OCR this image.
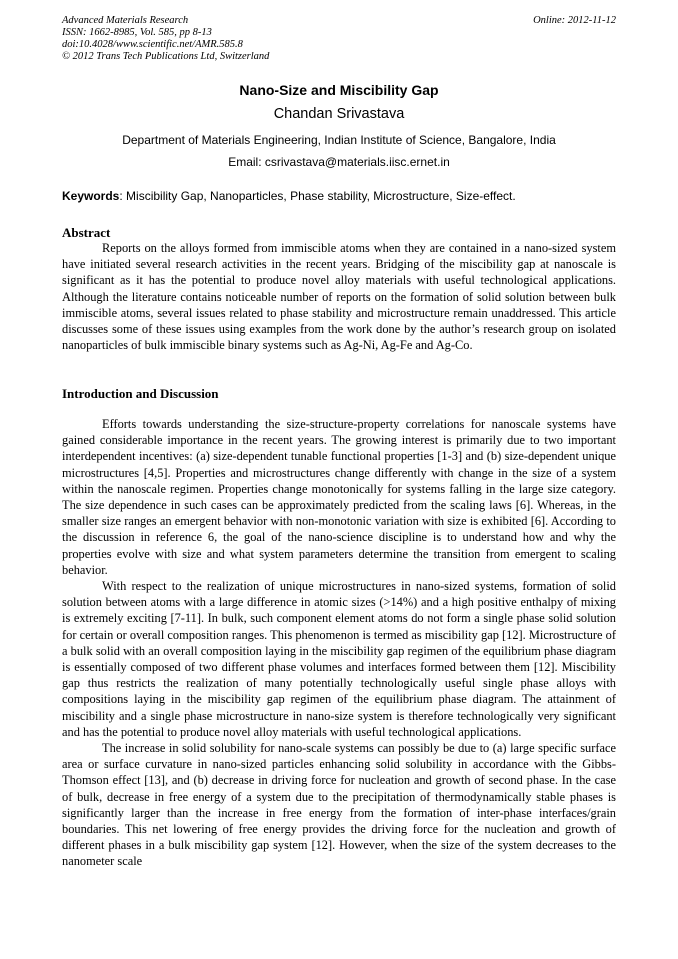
Advanced Materials Research
ISSN: 1662-8985, Vol. 585, pp 8-13
doi:10.4028/www.scientific.net/AMR.585.8
© 2012 Trans Tech Publications Ltd, Switzerland
Online: 2012-11-12
Nano-Size and Miscibility Gap
Chandan Srivastava
Department of Materials Engineering, Indian Institute of Science, Bangalore, India
Email: csrivastava@materials.iisc.ernet.in
Keywords: Miscibility Gap, Nanoparticles, Phase stability, Microstructure, Size-effect.
Abstract

Reports on the alloys formed from immiscible atoms when they are contained in a nano-sized system have initiated several research activities in the recent years. Bridging of the miscibility gap at nanoscale is significant as it has the potential to produce novel alloy materials with useful technological applications. Although the literature contains noticeable number of reports on the formation of solid solution between bulk immiscible atoms, several issues related to phase stability and microstructure remain unaddressed. This article discusses some of these issues using examples from the work done by the author’s research group on isolated nanoparticles of bulk immiscible binary systems such as Ag-Ni, Ag-Fe and Ag-Co.

Introduction and Discussion

Efforts towards understanding the size-structure-property correlations for nanoscale systems have gained considerable importance in the recent years. The growing interest is primarily due to two important interdependent incentives: (a) size-dependent tunable functional properties [1-3] and (b) size-dependent unique microstructures [4,5]. Properties and microstructures change differently with change in the size of a system within the nanoscale regimen. Properties change monotonically for systems falling in the large size category. The size dependence in such cases can be approximately predicted from the scaling laws [6]. Whereas, in the smaller size ranges an emergent behavior with non-monotonic variation with size is exhibited [6]. According to the discussion in reference 6, the goal of the nano-science discipline is to understand how and why the properties evolve with size and what system parameters determine the transition from emergent to scaling behavior.

With respect to the realization of unique microstructures in nano-sized systems, formation of solid solution between atoms with a large difference in atomic sizes (>14%) and a high positive enthalpy of mixing is extremely exciting [7-11]. In bulk, such component element atoms do not form a single phase solid solution for certain or overall composition ranges. This phenomenon is termed as miscibility gap [12]. Microstructure of a bulk solid with an overall composition laying in the miscibility gap regimen of the equilibrium phase diagram is essentially composed of two different phase volumes and interfaces formed between them [12]. Miscibility gap thus restricts the realization of many potentially technologically useful single phase alloys with compositions laying in the miscibility gap regimen of the equilibrium phase diagram. The attainment of miscibility and a single phase microstructure in nano-size system is therefore technologically very significant and has the potential to produce novel alloy materials with useful technological applications.

The increase in solid solubility for nano-scale systems can possibly be due to (a) large specific surface area or surface curvature in nano-sized particles enhancing solid solubility in accordance with the Gibbs-Thomson effect [13], and (b) decrease in driving force for nucleation and growth of second phase. In the case of bulk, decrease in free energy of a system due to the precipitation of thermodynamically stable phases is significantly larger than the increase in free energy from the formation of inter-phase interfaces/grain boundaries. This net lowering of free energy provides the driving force for the nucleation and growth of different phases in a bulk miscibility gap system [12]. However, when the size of the system decreases to the nanometer scale
